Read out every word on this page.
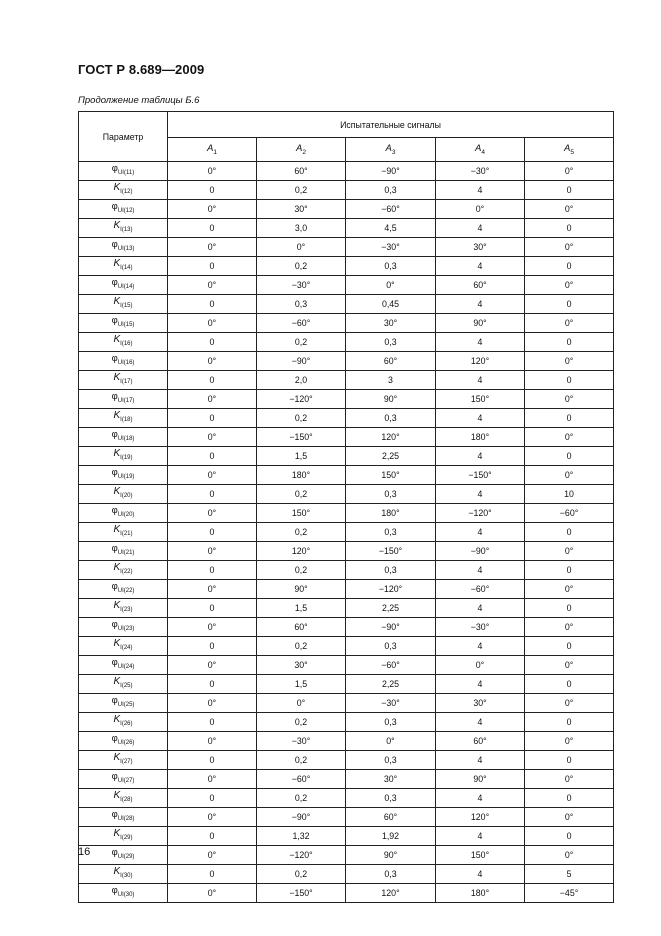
ГОСТ Р 8.689—2009
Продолжение таблицы Б.6
Параметр	Испытательные сигналы				
	$A_1$	$A_2$	$A_3$	$A_4$	$A_5$
$\varphi_{UI(11)}$	0°	60°	−90°	−30°	0°
$K_{I(12)}$	0	0,2	0,3	4	0
$\varphi_{UI(12)}$	0°	30°	−60°	0°	0°
$K_{I(13)}$	0	3,0	4,5	4	0
$\varphi_{UI(13)}$	0°	0°	−30°	30°	0°
$K_{I(14)}$	0	0,2	0,3	4	0
$\varphi_{UI(14)}$	0°	−30°	0°	60°	0°
$K_{I(15)}$	0	0,3	0,45	4	0
$\varphi_{UI(15)}$	0°	−60°	30°	90°	0°
$K_{I(16)}$	0	0,2	0,3	4	0
$\varphi_{UI(16)}$	0°	−90°	60°	120°	0°
$K_{I(17)}$	0	2,0	3	4	0
$\varphi_{UI(17)}$	0°	−120°	90°	150°	0°
$K_{I(18)}$	0	0,2	0,3	4	0
$\varphi_{UI(18)}$	0°	−150°	120°	180°	0°
$K_{I(19)}$	0	1,5	2,25	4	0
$\varphi_{UI(19)}$	0°	180°	150°	−150°	0°
$K_{I(20)}$	0	0,2	0,3	4	10
$\varphi_{UI(20)}$	0°	150°	180°	−120°	−60°
$K_{I(21)}$	0	0,2	0,3	4	0
$\varphi_{UI(21)}$	0°	120°	−150°	−90°	0°
$K_{I(22)}$	0	0,2	0,3	4	0
$\varphi_{UI(22)}$	0°	90°	−120°	−60°	0°
$K_{I(23)}$	0	1,5	2,25	4	0
$\varphi_{UI(23)}$	0°	60°	−90°	−30°	0°
$K_{I(24)}$	0	0,2	0,3	4	0
$\varphi_{UI(24)}$	0°	30°	−60°	0°	0°
$K_{I(25)}$	0	1,5	2,25	4	0
$\varphi_{UI(25)}$	0°	0°	−30°	30°	0°
$K_{I(26)}$	0	0,2	0,3	4	0
$\varphi_{UI(26)}$	0°	−30°	0°	60°	0°
$K_{I(27)}$	0	0,2	0,3	4	0
$\varphi_{UI(27)}$	0°	−60°	30°	90°	0°
$K_{I(28)}$	0	0,2	0,3	4	0
$\varphi_{UI(28)}$	0°	−90°	60°	120°	0°
$K_{I(29)}$	0	1,32	1,92	4	0
$\varphi_{UI(29)}$	0°	−120°	90°	150°	0°
$K_{I(30)}$	0	0,2	0,3	4	5
$\varphi_{UI(30)}$	0°	−150°	120°	180°	−45°
16
